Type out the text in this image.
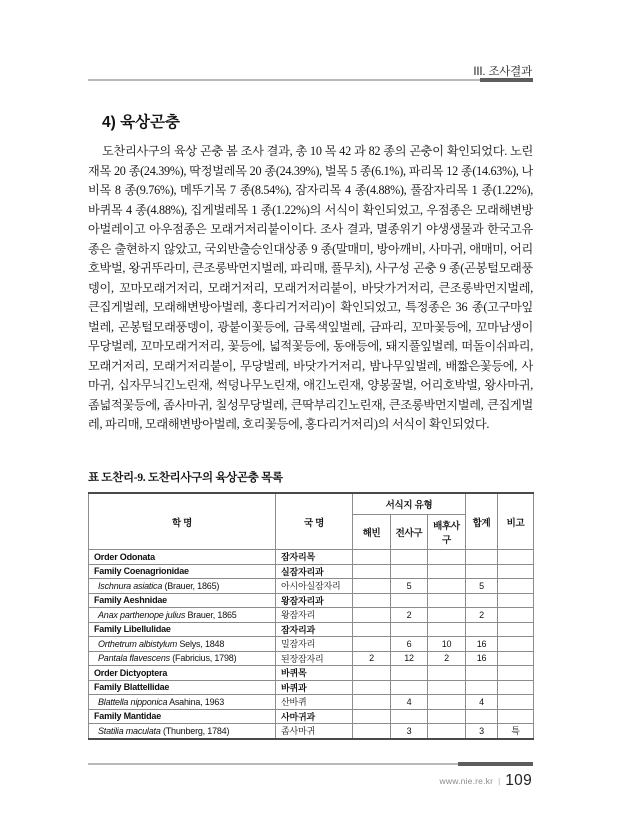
III. 조사결과
4) 육상곤충
도찬리사구의 육상 곤충 봄 조사 결과, 총 10 목 42 과 82 종의 곤충이 확인되었다. 노린재목 20 종(24.39%), 딱정벌레목 20 종(24.39%), 벌목 5 종(6.1%), 파리목 12 종(14.63%), 나비목 8 종(9.76%), 메뚜기목 7 종(8.54%), 잠자리목 4 종(4.88%), 풀잠자리목 1 종(1.22%), 바퀴목 4 종(4.88%), 집게벌레목 1 종(1.22%)의 서식이 확인되었고, 우점종은 모래해변방아벌레이고 아우점종은 모래거저리붙이이다. 조사 결과, 멸종위기 야생생물과 한국고유종은 출현하지 않았고, 국외반출승인대상종 9 종(말매미, 방아깨비, 사마귀, 애매미, 어리호박벌, 왕귀뚜라미, 큰조롱박먼지벌레, 파리매, 풀무치), 사구성 곤충 9 종(곤봉털모래풍뎅이, 꼬마모래거저리, 모래거저리, 모래거저리붙이, 바닷가거저리, 큰조롱박먼지벌레, 큰집게벌레, 모래해변방아벌레, 홍다리거저리)이 확인되었고, 특정종은 36 종(고구마잎벌레, 곤봉털모래풍뎅이, 광붙이꽃등에, 금록색잎벌레, 금파리, 꼬마꽃등에, 꼬마남생이무당벌레, 꼬마모래거저리, 꽃등에, 넓적꽃등에, 동애등에, 돼지풀잎벌레, 떠돌이쉬파리, 모래거저리, 모래거저리붙이, 무당벌레, 바닷가거저리, 밤나무잎벌레, 배짧은꽃등에, 사마귀, 십자무늬긴노린재, 썩덩나무노린재, 애긴노린재, 양봉꿀벌, 어리호박벌, 왕사마귀, 좀넓적꽃등에, 좀사마귀, 칠성무당벌레, 큰딱부리긴노린재, 큰조롱박먼지벌레, 큰집게벌레, 파리매, 모래해변방아벌레, 호리꽃등에, 홍다리거저리)의 서식이 확인되었다.
표 도찬리-9. 도찬리사구의 육상곤충 목록
학 명	국 명	서식지 유형			합계	비고
		해빈	전사구	배후사구		
Order Odonata	잠자리목					
Family Coenagrionidae	실잠자리과					
Ischnura asiatica (Brauer, 1865)	아시아실잠자리		5		5	
Family Aeshnidae	왕잠자리과					
Anax parthenope julius Brauer, 1865	왕잠자리		2		2	
Family Libellulidae	잠자리과					
Orthetrum albistylum Selys, 1848	밀잠자리		6	10	16	
Pantala flavescens (Fabricius, 1798)	된장잠자리	2	12	2	16	
Order Dictyoptera	바퀴목					
Family Blattellidae	바퀴과					
Blattella nipponica Asahina, 1963	산바퀴		4		4	
Family Mantidae	사마귀과					
Statilia maculata (Thunberg, 1784)	좀사마귀		3		3	특
www.nie.re.kr | 109
